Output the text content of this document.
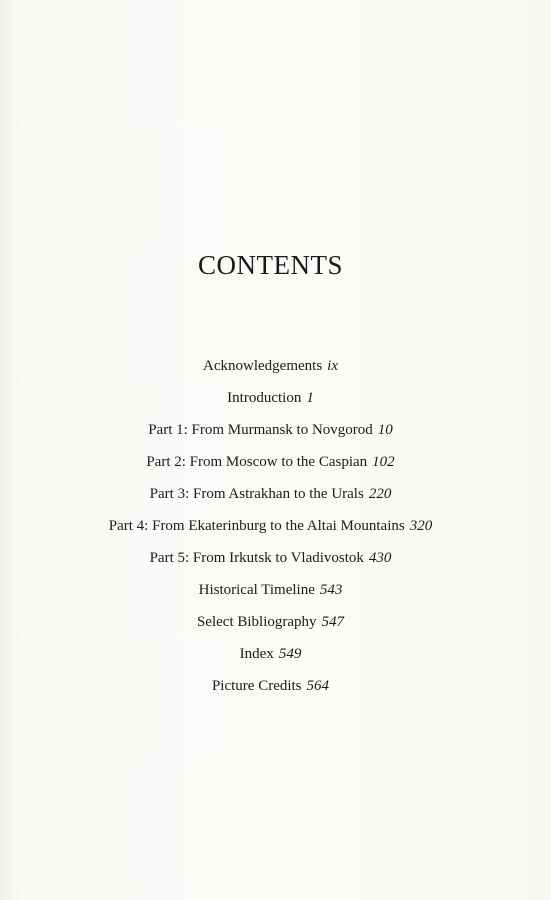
CONTENTS
Acknowledgements ix
Introduction 1
Part 1: From Murmansk to Novgorod 10
Part 2: From Moscow to the Caspian 102
Part 3: From Astrakhan to the Urals 220
Part 4: From Ekaterinburg to the Altai Mountains 320
Part 5: From Irkutsk to Vladivostok 430
Historical Timeline 543
Select Bibliography 547
Index 549
Picture Credits 564
